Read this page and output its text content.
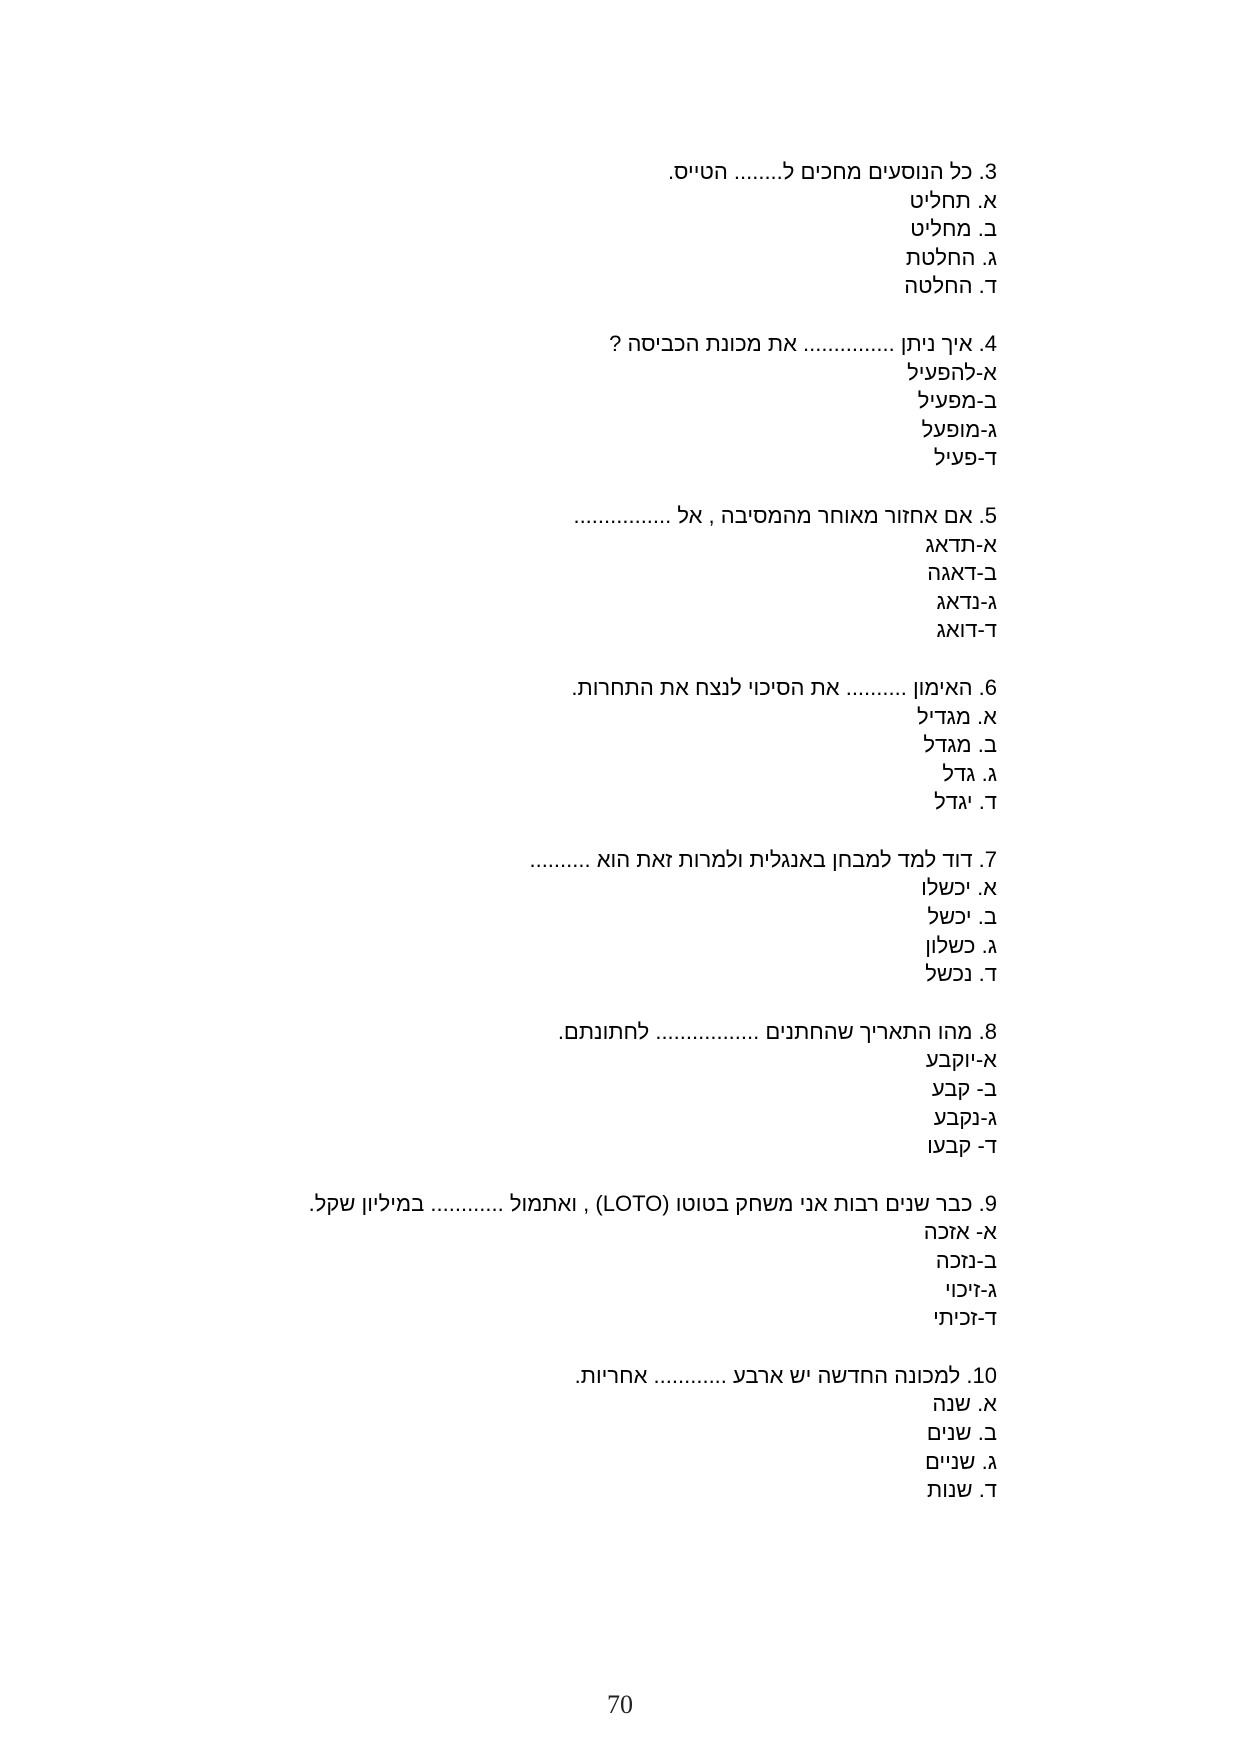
3. כל הנוסעים מחכים ל........ הטייס.
א. תחליט
ב. מחליט
ג. החלטת
ד. החלטה
4. איך ניתן ............... את מכונת הכביסה ?
א-להפעיל
ב-מפעיל
ג-מופעל
ד-פעיל
5. אם אחזור מאוחר מהמסיבה , אל ................
א-תדאג
ב-דאגה
ג-נדאג
ד-דואג
6. האימון .......... את הסיכוי לנצח את התחרות.
א. מגדיל
ב. מגדל
ג. גדל
ד. יגדל
7. דוד למד למבחן באנגלית ולמרות זאת הוא ..........
א. יכשלו
ב. יכשל
ג. כשלון
ד. נכשל
8. מהו התאריך שהחתנים ................. לחתונתם.
א-יוקבע
ב- קבע
ג-נקבע
ד- קבעו
9. כבר שנים רבות אני משחק בטוטו (LOTO) , ואתמול ............ במיליון שקל.
א- אזכה
ב-נזכה
ג-זיכוי
ד-זכיתי
10. למכונה החדשה יש ארבע ............ אחריות.
א. שנה
ב. שנים
ג. שניים
ד. שנות
70
